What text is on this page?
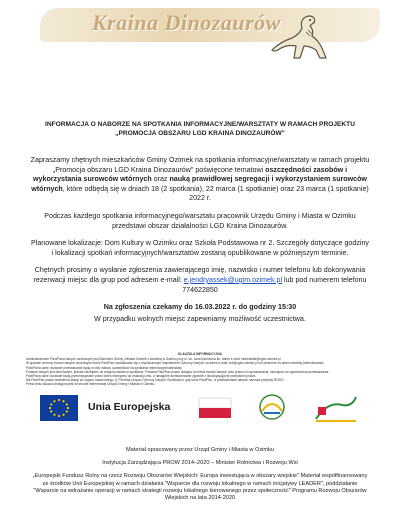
Kraina Dinozaurów
INFORMACJA O NABORZE NA SPOTKANIA INFORMACYJNE/WARSZTATY W RAMACH PROJEKTU
„PROMOCJA OBSZARU LGD KRAINA DINOZAURÓW"

Zapraszamy chętnych mieszkańców Gminy Ozimek na spotkania informacyjne/warsztaty w ramach projektu „Promocja obszaru LGD Kraina Dinozaurów" poświęcone tematowi oszczędności zasobów i wykorzystania surowców wtórnych oraz nauką prawidłowej segregacji i wykorzystaniem surowców wtórnych, które odbędą się w dniach 18 (2 spotkania), 22 marca (1 spotkanie) oraz 23 marca (1 spotkanie) 2022 r.

Podczas każdego spotkania informacyjnego/warsztatu pracownik Urzędu Gminy i Miasta w Ozimku przedstawi obszar działalności LGD Kraina Dinozaurów.

Planowane lokalizacje: Dom Kultury w Ozimku oraz Szkoła Podstawowa nr 2. Szczegóły dotyczące godziny i lokalizacji spotkań informacyjnych/warsztatów zostaną opublikowane w późniejszym terminie.

Chętnych prosimy o wysłanie zgłoszenia zawierającego imię, nazwisko i numer telefonu lub dokonywania rezerwacji miejsc dla grup pod adresem e-mail: e.jendryassek@ugim.ozimek.pl lub pod numerem telefonu 774622850

Na zgłoszenia czekamy do 16.03.2022 r. do godziny 15:30

W przypadku wolnych miejsc zapewniamy możliwość uczestnictwa.

KLAUZULA INFORMACYJNA
Administratorem Pani/Pana danych osobowych jest Burmistrz Gminy i Miasta Ozimek z siedzibą w Ozimku przy ul. ks. Jana Dzierżona 4b, adres e-mail: sekretariat@ugim.ozimek.pl
W sprawie ochrony swoich danych osobowych może Pani/Pan kontaktować się z wyznaczonym Inspektorem Ochrony Danych na adres e-mail: iod@ugim.ozimek.pl lub pisemnie na adres siedziby Administratora.
Pani/Pana dane osobowe przetwarzane będą w celu naboru uczestników na spotkania informacyjne/warsztaty.
Podanie danych jest dobrowolne, jednak niezbędne do wzięcia udziału w spotkaniu. Posiada Pani/Pan prawo dostępu do treści swoich danych oraz prawo ich sprostowania, usunięcia lub ograniczenia przetwarzania.
Pani/Pana dane osobowe będą przechowywane przez okres niezbędny do realizacji celu, a następnie archiwizowane zgodnie z obowiązującymi przepisami prawa.
Ma Pani/Pan prawo wniesienia skargi do organu nadzorczego, tj. Prezesa Urzędu Ochrony Danych Osobowych, gdy uzna Pani/Pan, iż przetwarzanie danych narusza przepisy RODO.
Pełna treść klauzuli dostępna jest na stronie internetowej Urzędu Gminy i Miasta w Ozimku.
Unia Europejska

Materiał opracowany przez Urząd Gminy i Miasta w Ozimku

Instytucja Zarządzająca PROW 2014–2020 – Minister Rolnictwa i Rozwoju Wsi

„Europejski Fundusz Rolny na rzecz Rozwoju Obszarów Wiejskich: Europa inwestująca w obszary wiejskie" Materiał współfinansowany ze środków Unii Europejskiej w ramach działania "Wsparcie dla rozwoju lokalnego w ramach inicjatywy LEADER", poddziałanie "Wsparcie na wdrażanie operacji w ramach strategii rozwoju lokalnego kierowanego przez społeczność" Programu Rozwoju Obszarów Wiejskich na lata 2014-2020
